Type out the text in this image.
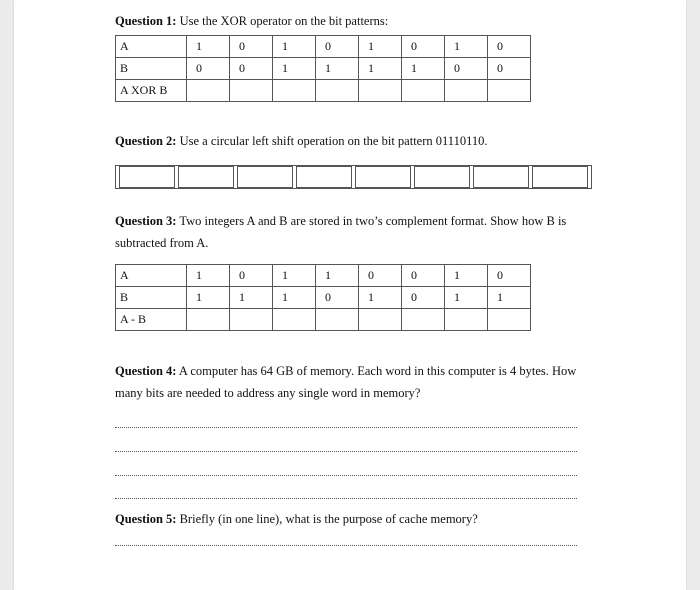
Question 1: Use the XOR operator on the bit patterns:
A	1	0	1	0	1	0	1	0
B	0	0	1	1	1	1	0	0
A XOR B								
Question 2: Use a circular left shift operation on the bit pattern 01110110.

Question 3: Two integers A and B are stored in two’s complement format. Show how B is subtracted from A.
A	1	0	1	1	0	0	1	0
B	1	1	1	0	1	0	1	1
A - B								
Question 4: A computer has 64 GB of memory. Each word in this computer is 4 bytes. How many bits are needed to address any single word in memory?
Question 5: Briefly (in one line), what is the purpose of cache memory?
